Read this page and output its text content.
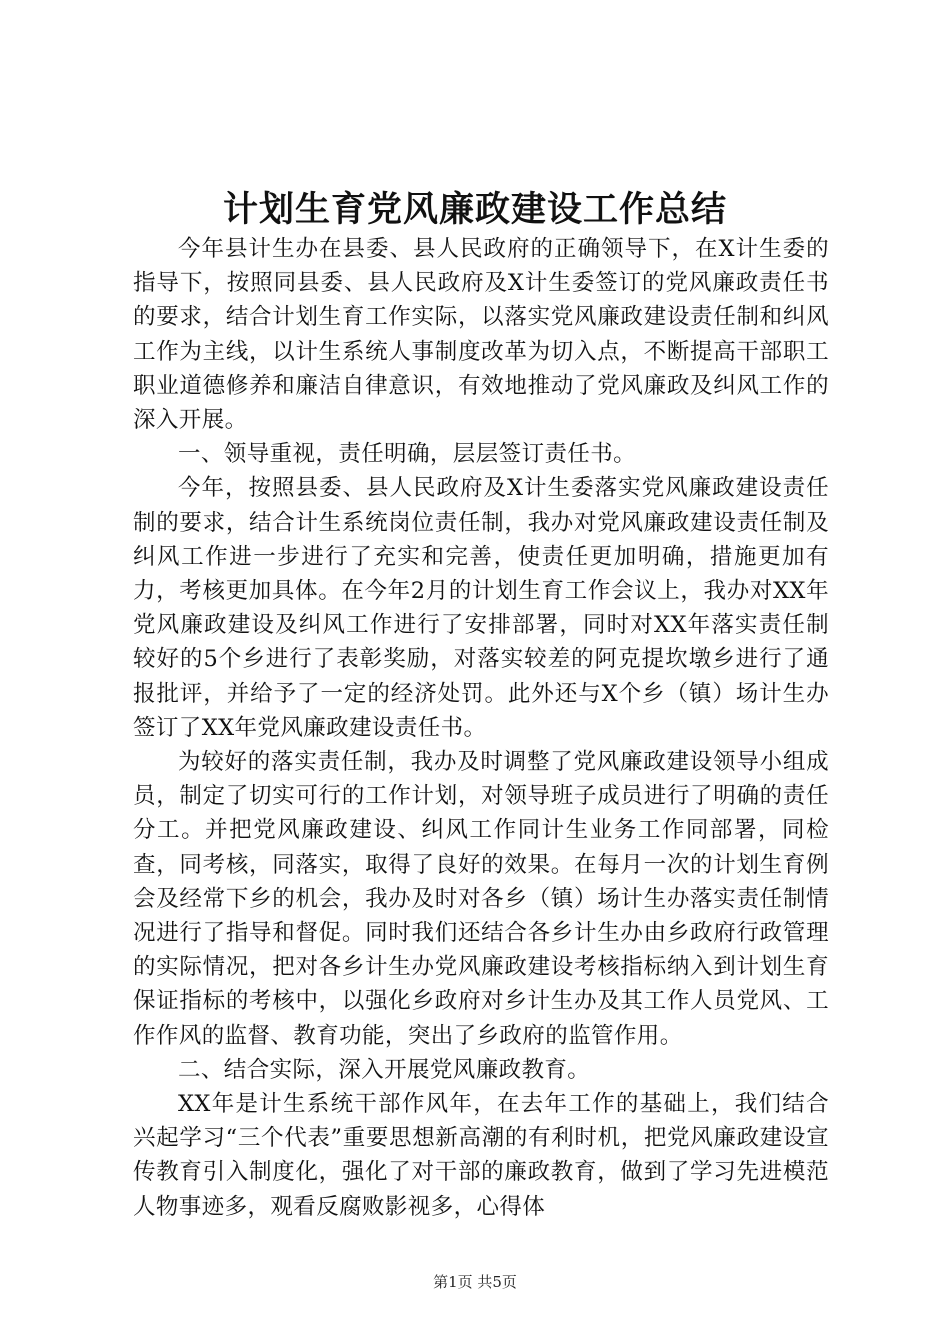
计划生育党风廉政建设工作总结

今年县计生办在县委、县人民政府的正确领导下，在X计生委的指导下，按照同县委、县人民政府及X计生委签订的党风廉政责任书的要求，结合计划生育工作实际，以落实党风廉政建设责任制和纠风工作为主线，以计生系统人事制度改革为切入点，不断提高干部职工职业道德修养和廉洁自律意识，有效地推动了党风廉政及纠风工作的深入开展。

一、领导重视，责任明确，层层签订责任书。

今年，按照县委、县人民政府及X计生委落实党风廉政建设责任制的要求，结合计生系统岗位责任制，我办对党风廉政建设责任制及纠风工作进一步进行了充实和完善，使责任更加明确，措施更加有力，考核更加具体。在今年2月的计划生育工作会议上，我办对XX年党风廉政建设及纠风工作进行了安排部署，同时对XX年落实责任制较好的5个乡进行了表彰奖励，对落实较差的阿克提坎墩乡进行了通报批评，并给予了一定的经济处罚。此外还与X个乡（镇）场计生办签订了XX年党风廉政建设责任书。

为较好的落实责任制，我办及时调整了党风廉政建设领导小组成员，制定了切实可行的工作计划，对领导班子成员进行了明确的责任分工。并把党风廉政建设、纠风工作同计生业务工作同部署，同检查，同考核，同落实，取得了良好的效果。在每月一次的计划生育例会及经常下乡的机会，我办及时对各乡（镇）场计生办落实责任制情况进行了指导和督促。同时我们还结合各乡计生办由乡政府行政管理的实际情况，把对各乡计生办党风廉政建设考核指标纳入到计划生育保证指标的考核中，以强化乡政府对乡计生办及其工作人员党风、工作作风的监督、教育功能，突出了乡政府的监管作用。

二、结合实际，深入开展党风廉政教育。

XX年是计生系统干部作风年，在去年工作的基础上，我们结合兴起学习“三个代表”重要思想新高潮的有利时机，把党风廉政建设宣传教育引入制度化，强化了对干部的廉政教育，做到了学习先进模范人物事迹多，观看反腐败影视多，心得体

第1页 共5页
